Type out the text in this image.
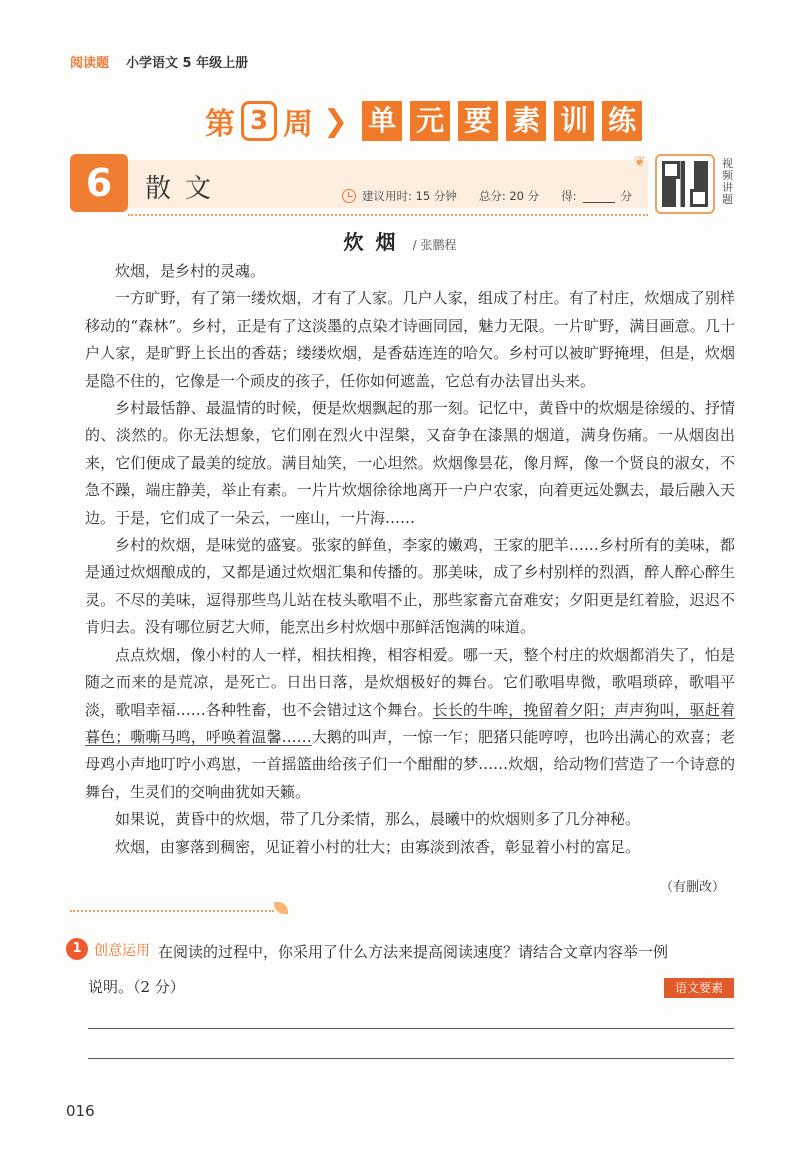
阅读题 小学语文 5 年级上册
第 3 周 ❯ 单 元 要 素 训 练
6	散文	建议用时: 15 分钟 总分: 20 分 得:	分
❦	视频讲题
炊烟 / 张鹏程

炊烟，是乡村的灵魂。

一方旷野，有了第一缕炊烟，才有了人家。几户人家，组成了村庄。有了村庄，炊烟成了别样移动的“森林”。乡村，正是有了这淡墨的点染才诗画同园，魅力无限。一片旷野，满目画意。几十户人家，是旷野上长出的香菇；缕缕炊烟，是香菇连连的哈欠。乡村可以被旷野掩埋，但是，炊烟是隐不住的，它像是一个顽皮的孩子，任你如何遮盖，它总有办法冒出头来。

乡村最恬静、最温情的时候，便是炊烟飘起的那一刻。记忆中，黄昏中的炊烟是徐缓的、抒情的、淡然的。你无法想象，它们刚在烈火中涅槃，又奋争在漆黑的烟道，满身伤痛。一从烟囱出来，它们便成了最美的绽放。满目灿笑，一心坦然。炊烟像昙花，像月辉，像一个贤良的淑女，不急不躁，端庄静美，举止有素。一片片炊烟徐徐地离开一户户农家，向着更远处飘去，最后融入天边。于是，它们成了一朵云，一座山，一片海……

乡村的炊烟，是味觉的盛宴。张家的鲜鱼，李家的嫩鸡，王家的肥羊……乡村所有的美味，都是通过炊烟酿成的，又都是通过炊烟汇集和传播的。那美味，成了乡村别样的烈酒，醉人醉心醉生灵。不尽的美味，逗得那些鸟儿站在枝头歌唱不止，那些家畜亢奋难安；夕阳更是红着脸，迟迟不肯归去。没有哪位厨艺大师，能烹出乡村炊烟中那鲜活饱满的味道。

点点炊烟，像小村的人一样，相扶相搀，相容相爱。哪一天，整个村庄的炊烟都消失了，怕是随之而来的是荒凉，是死亡。日出日落，是炊烟极好的舞台。它们歌唱卑微，歌唱琐碎，歌唱平淡，歌唱幸福……各种牲畜，也不会错过这个舞台。长长的牛哞，挽留着夕阳；声声狗叫，驱赶着暮色；嘶嘶马鸣，呼唤着温馨……大鹅的叫声，一惊一乍；肥猪只能哼哼，也吟出满心的欢喜；老母鸡小声地叮咛小鸡崽，一首摇篮曲给孩子们一个酣酣的梦……炊烟，给动物们营造了一个诗意的舞台，生灵们的交响曲犹如天籁。

如果说，黄昏中的炊烟，带了几分柔情，那么，晨曦中的炊烟则多了几分神秘。

炊烟，由寥落到稠密，见证着小村的壮大；由寡淡到浓香，彰显着小村的富足。

（有删改）
1 创意运用 在阅读的过程中，你采用了什么方法来提高阅读速度？请结合文章内容举一例
说明。（2 分）	语文要素
016
